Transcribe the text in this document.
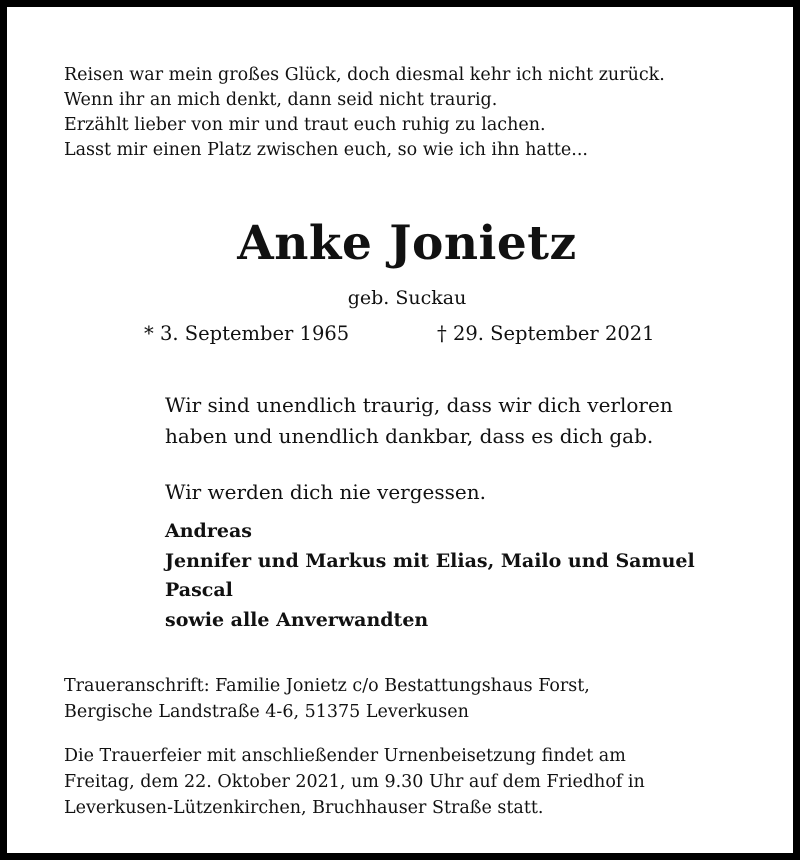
Reisen war mein großes Glück, doch diesmal kehr ich nicht zurück.
Wenn ihr an mich denkt, dann seid nicht traurig.
Erzählt lieber von mir und traut euch ruhig zu lachen.
Lasst mir einen Platz zwischen euch, so wie ich ihn hatte...
Anke Jonietz
geb. Suckau
* 3. September 1965	† 29. September 2021
Wir sind unendlich traurig, dass wir dich verloren
haben und unendlich dankbar, dass es dich gab.
Wir werden dich nie vergessen.
Andreas
Jennifer und Markus mit Elias, Mailo und Samuel
Pascal
sowie alle Anverwandten
Traueranschrift: Familie Jonietz c/o Bestattungshaus Forst,
Bergische Landstraße 4-6, 51375 Leverkusen
Die Trauerfeier mit anschließender Urnenbeisetzung findet am
Freitag, dem 22. Oktober 2021, um 9.30 Uhr auf dem Friedhof in
Leverkusen-Lützenkirchen, Bruchhauser Straße statt.
